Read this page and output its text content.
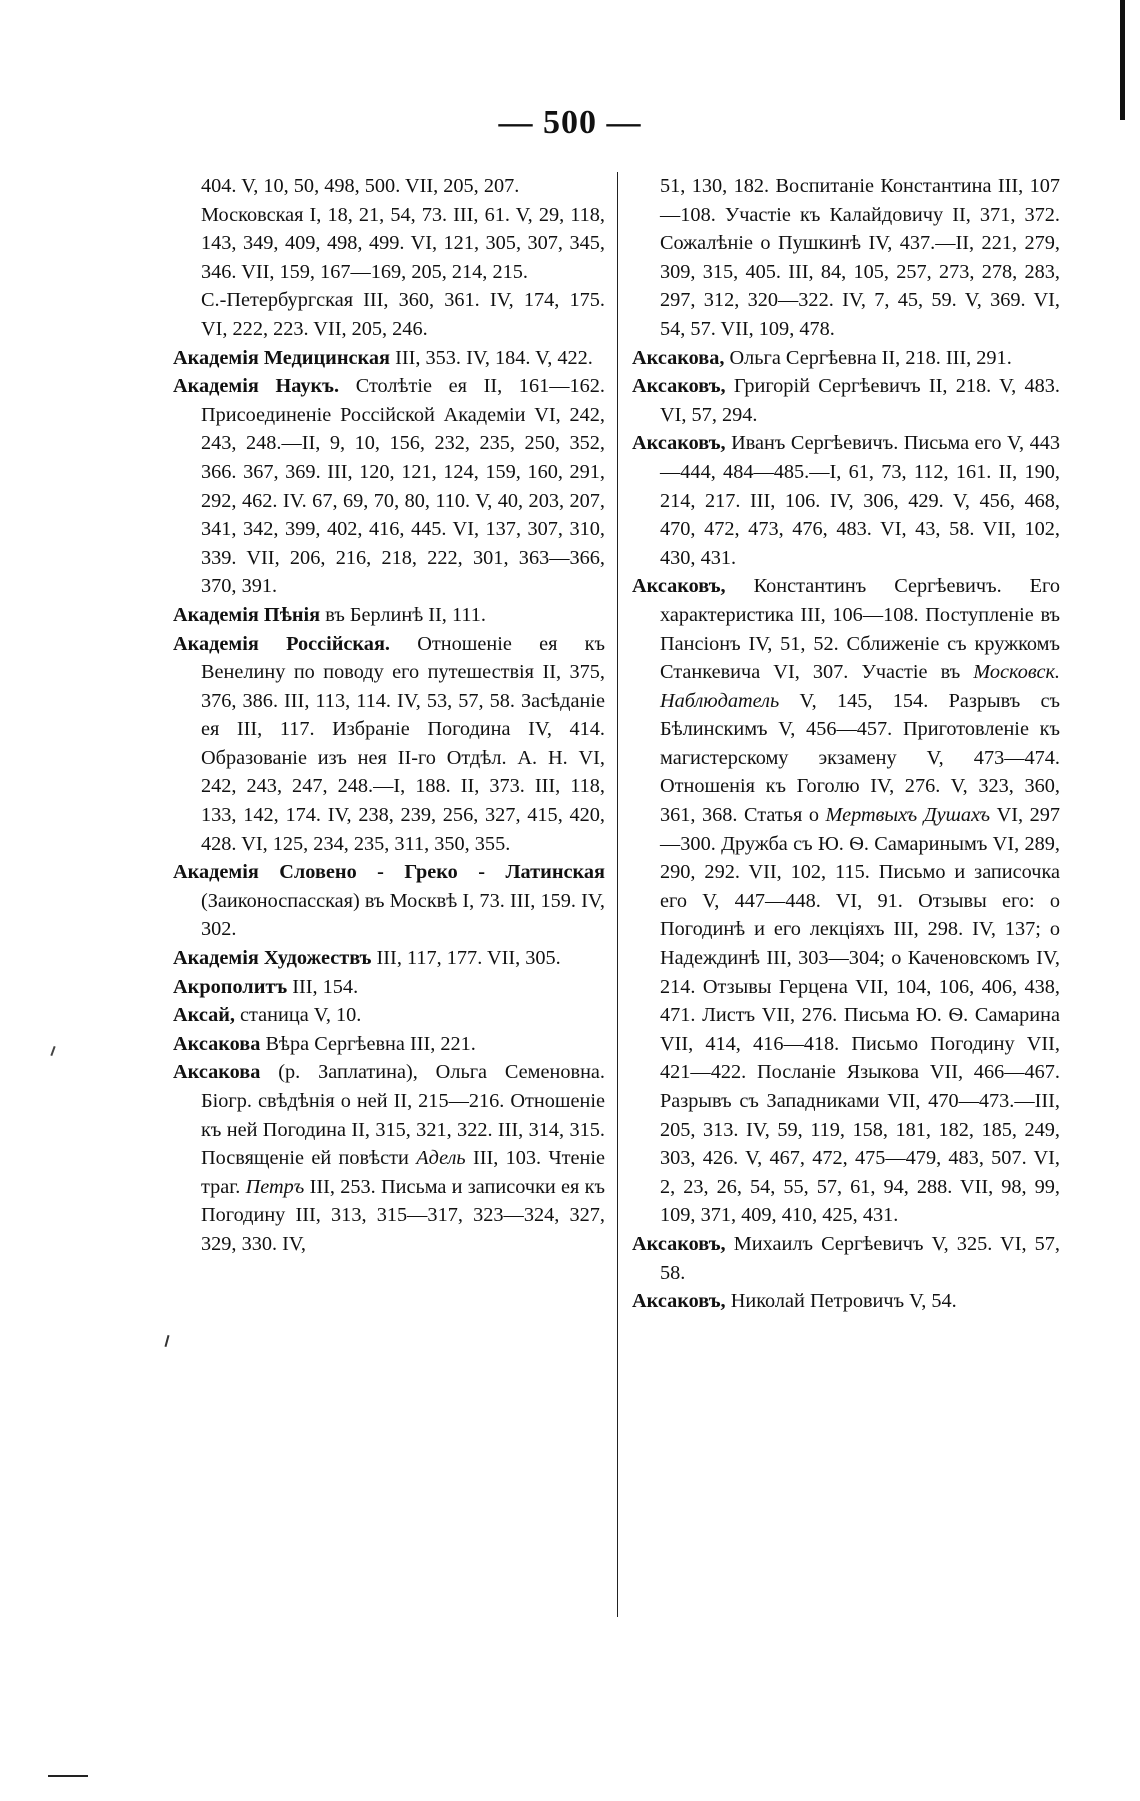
— 500 —

404. V, 10, 50, 498, 500. VII, 205, 207.

Московская I, 18, 21, 54, 73. III, 61. V, 29, 118, 143, 349, 409, 498, 499. VI, 121, 305, 307, 345, 346. VII, 159, 167—169, 205, 214, 215.

С.-Петербургская III, 360, 361. IV, 174, 175. VI, 222, 223. VII, 205, 246.

Академія Медицинская III, 353. IV, 184. V, 422.

Академія Наукъ. Столѣтіе ея II, 161—162. Присоединеніе Россійской Академіи VI, 242, 243, 248.—II, 9, 10, 156, 232, 235, 250, 352, 366. 367, 369. III, 120, 121, 124, 159, 160, 291, 292, 462. IV. 67, 69, 70, 80, 110. V, 40, 203, 207, 341, 342, 399, 402, 416, 445. VI, 137, 307, 310, 339. VII, 206, 216, 218, 222, 301, 363—366, 370, 391.

Академія Пѣнія въ Берлинѣ II, 111.

Академія Россійская. Отношеніе ея къ Венелину по поводу его путешествія II, 375, 376, 386. III, 113, 114. IV, 53, 57, 58. Засѣданіе ея III, 117. Избраніе Погодина IV, 414. Образованіе изъ нея II-го Отдѣл. А. Н. VI, 242, 243, 247, 248.—I, 188. II, 373. III, 118, 133, 142, 174. IV, 238, 239, 256, 327, 415, 420, 428. VI, 125, 234, 235, 311, 350, 355.

Академія Словено - Греко - Латинская (Заиконоспасская) въ Москвѣ I, 73. III, 159. IV, 302.

Академія Художествъ III, 117, 177. VII, 305.

Акрополитъ III, 154.

Аксай, станица V, 10.

Аксакова Вѣра Сергѣевна III, 221.

Аксакова (р. Заплатина), Ольга Семеновна. Біогр. свѣдѣнія о ней II, 215—216. Отношеніе къ ней Погодина II, 315, 321, 322. III, 314, 315. Посвященіе ей повѣсти Адель III, 103. Чтеніе траг. Петръ III, 253. Письма и записочки ея къ Погодину III, 313, 315—317, 323—324, 327, 329, 330. IV,

51, 130, 182. Воспитаніе Константина III, 107—108. Участіе къ Калайдовичу II, 371, 372. Сожалѣніе о Пушкинѣ IV, 437.—II, 221, 279, 309, 315, 405. III, 84, 105, 257, 273, 278, 283, 297, 312, 320—322. IV, 7, 45, 59. V, 369. VI, 54, 57. VII, 109, 478.

Аксакова, Ольга Сергѣевна II, 218. III, 291.

Аксаковъ, Григорій Сергѣевичъ II, 218. V, 483. VI, 57, 294.

Аксаковъ, Иванъ Сергѣевичъ. Письма его V, 443—444, 484—485.—I, 61, 73, 112, 161. II, 190, 214, 217. III, 106. IV, 306, 429. V, 456, 468, 470, 472, 473, 476, 483. VI, 43, 58. VII, 102, 430, 431.

Аксаковъ, Константинъ Сергѣевичъ. Его характеристика III, 106—108. Поступленіе въ Пансіонъ IV, 51, 52. Сближеніе съ кружкомъ Станкевича VI, 307. Участіе въ Московск. Наблюдатель V, 145, 154. Разрывъ съ Бѣлинскимъ V, 456—457. Приготовленіе къ магистерскому экзамену V, 473—474. Отношенія къ Гоголю IV, 276. V, 323, 360, 361, 368. Статья о Мертвыхъ Душахъ VI, 297—300. Дружба съ Ю. Ѳ. Самаринымъ VI, 289, 290, 292. VII, 102, 115. Письмо и записочка его V, 447—448. VI, 91. Отзывы его: о Погодинѣ и его лекціяхъ III, 298. IV, 137; о Надеждинѣ III, 303—304; о Каченовскомъ IV, 214. Отзывы Герцена VII, 104, 106, 406, 438, 471. Листъ VII, 276. Письма Ю. Ѳ. Самарина VII, 414, 416—418. Письмо Погодину VII, 421—422. Посланіе Языкова VII, 466—467. Разрывъ съ Западниками VII, 470—473.—III, 205, 313. IV, 59, 119, 158, 181, 182, 185, 249, 303, 426. V, 467, 472, 475—479, 483, 507. VI, 2, 23, 26, 54, 55, 57, 61, 94, 288. VII, 98, 99, 109, 371, 409, 410, 425, 431.

Аксаковъ, Михаилъ Сергѣевичъ V, 325. VI, 57, 58.

Аксаковъ, Николай Петровичъ V, 54.
